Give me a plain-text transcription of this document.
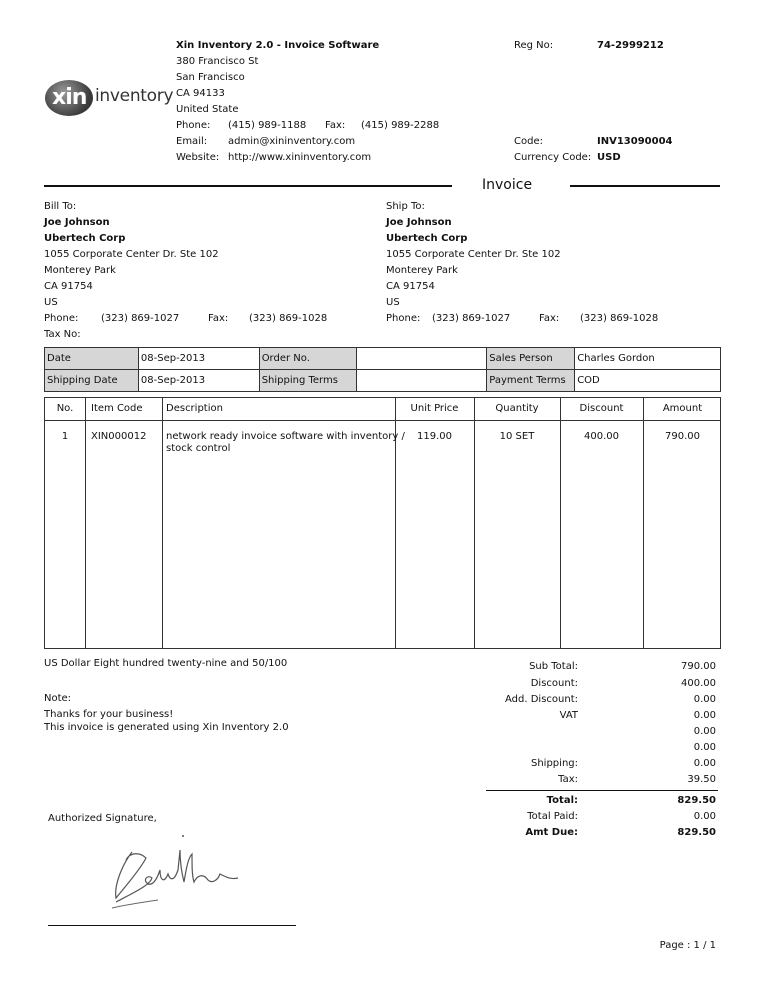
xin inventory
Xin Inventory 2.0 - Invoice Software
380 Francisco St
San Francisco
CA 94133
United State
Phone: (415) 989-1188 Fax: (415) 989-2288
Email: admin@xininventory.com
Website: http://www.xininventory.com
Reg No:	74-2999212
Code:	INV13090004
Currency Code: USD
Invoice
Bill To:
Joe Johnson
Ubertech Corp
1055 Corporate Center Dr. Ste 102
Monterey Park
CA 91754
US
Phone: (323) 869-1027	Fax: (323) 869-1028
Tax No:
Ship To:
Joe Johnson
Ubertech Corp
1055 Corporate Center Dr. Ste 102
Monterey Park
CA 91754
US
Phone: (323) 869-1027	Fax: (323) 869-1028
Date	08-Sep-2013	Order No.		Sales Person	Charles Gordon
Shipping Date	08-Sep-2013	Shipping Terms		Payment Terms	COD
No.	Item Code Description	Unit Price	Quantity	Discount	Amount
1	XIN000012 network ready invoice software with inventory /
stock control
119.00	10 SET	400.00	790.00
US Dollar Eight hundred twenty-nine and 50/100
Note:
Thanks for your business!
This invoice is generated using Xin Inventory 2.0
Sub Total:	790.00
Discount:	400.00
Add. Discount:	0.00
VAT	0.00
0.00
0.00
Shipping:	0.00
Tax:	39.50
Total:	829.50
Total Paid:	0.00
Amt Due:	829.50
Authorized Signature,
Page : 1 / 1
